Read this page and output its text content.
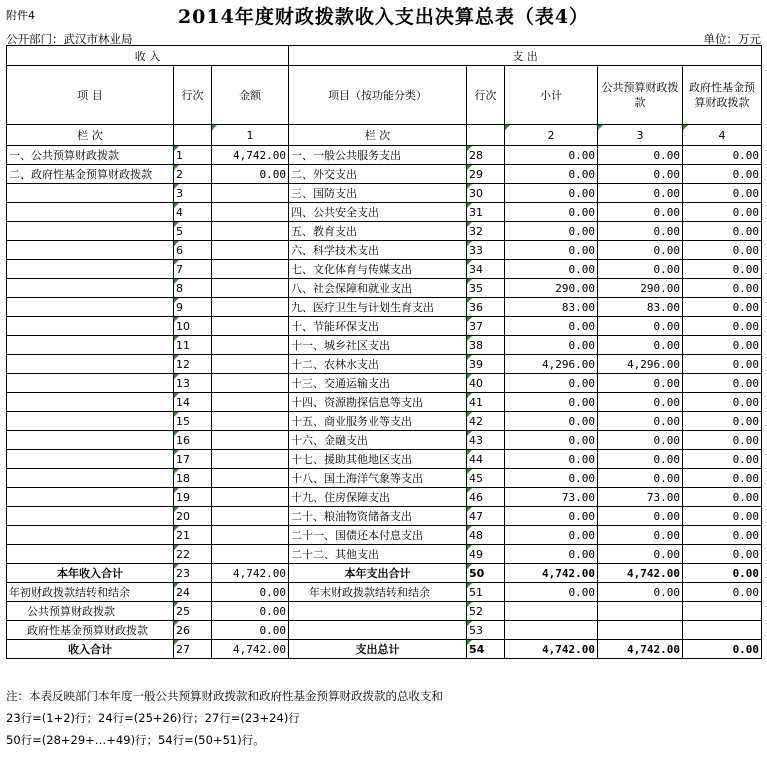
附件4	2014年度财政拨款收入支出决算总表（表4）
公开部门：武汉市林业局	单位：万元
收 入			支 出				
项 目	行次	金额	项目（按功能分类）	行次	小计	公共预算财政拨款	政府性基金预算财政拨款
栏 次		1	栏 次		2	3	4
一、公共预算财政拨款	1	4,742.00	一、一般公共服务支出	28	0.00	0.00	0.00
二、政府性基金预算财政拨款	2	0.00	二、外交支出	29	0.00	0.00	0.00
	3		三、国防支出	30	0.00	0.00	0.00
	4		四、公共安全支出	31	0.00	0.00	0.00
	5		五、教育支出	32	0.00	0.00	0.00
	6		六、科学技术支出	33	0.00	0.00	0.00
	7		七、文化体育与传媒支出	34	0.00	0.00	0.00
	8		八、社会保障和就业支出	35	290.00	290.00	0.00
	9		九、医疗卫生与计划生育支出	36	83.00	83.00	0.00
	10		十、节能环保支出	37	0.00	0.00	0.00
	11		十一、城乡社区支出	38	0.00	0.00	0.00
	12		十二、农林水支出	39	4,296.00	4,296.00	0.00
	13		十三、交通运输支出	40	0.00	0.00	0.00
	14		十四、资源勘探信息等支出	41	0.00	0.00	0.00
	15		十五、商业服务业等支出	42	0.00	0.00	0.00
	16		十六、金融支出	43	0.00	0.00	0.00
	17		十七、援助其他地区支出	44	0.00	0.00	0.00
	18		十八、国土海洋气象等支出	45	0.00	0.00	0.00
	19		十九、住房保障支出	46	73.00	73.00	0.00
	20		二十、粮油物资储备支出	47	0.00	0.00	0.00
	21		二十一、国债还本付息支出	48	0.00	0.00	0.00
	22		二十二、其他支出	49	0.00	0.00	0.00
本年收入合计	23	4,742.00	本年支出合计	50	4,742.00	4,742.00	0.00
年初财政拨款结转和结余	24	0.00	年末财政拨款结转和结余	51	0.00	0.00	0.00
公共预算财政拨款	25	0.00		52			
政府性基金预算财政拨款	26	0.00		53			
收入合计	27	4,742.00	支出总计	54	4,742.00	4,742.00	0.00
注：本表反映部门本年度一般公共预算财政拨款和政府性基金预算财政拨款的总收支和
23行=(1+2)行；24行=(25+26)行；27行=(23+24)行
50行=(28+29+…+49)行；54行=(50+51)行。
